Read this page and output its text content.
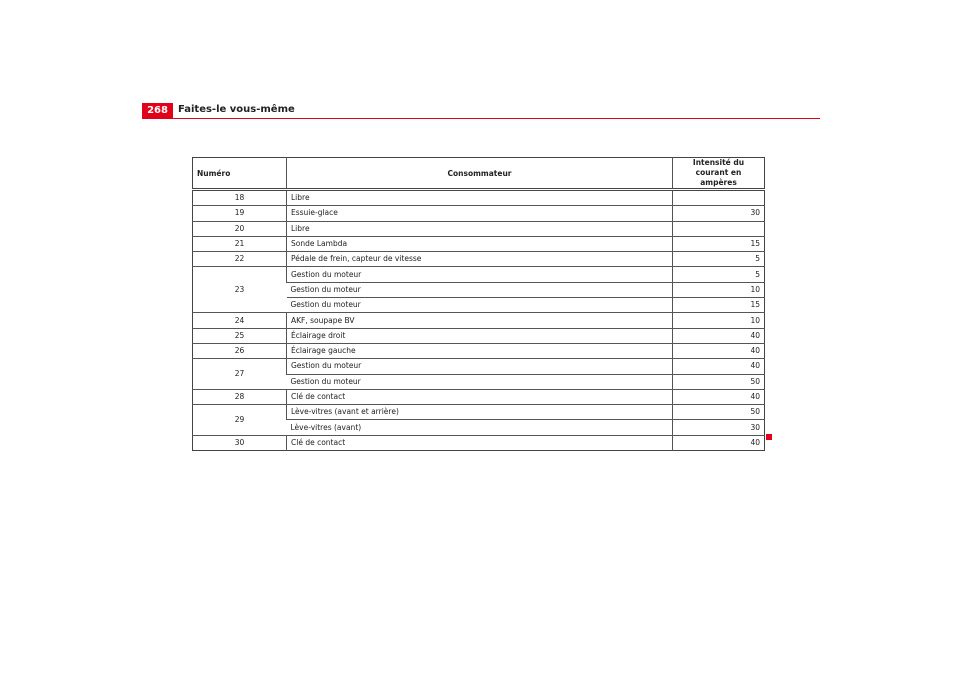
268	Faites-le vous-même
Numéro	Consommateur	Intensité du courant en ampères
18	Libre	
19	Essuie-glace	30
20	Libre	
21	Sonde Lambda	15
22	Pédale de frein, capteur de vitesse	5
23	Gestion du moteur	5
	Gestion du moteur	10
	Gestion du moteur	15
24	AKF, soupape BV	10
25	Éclairage droit	40
26	Éclairage gauche	40
27	Gestion du moteur	40
	Gestion du moteur	50
28	Clé de contact	40
29	Lève-vitres (avant et arrière)	50
	Lève-vitres (avant)	30
30	Clé de contact	40
